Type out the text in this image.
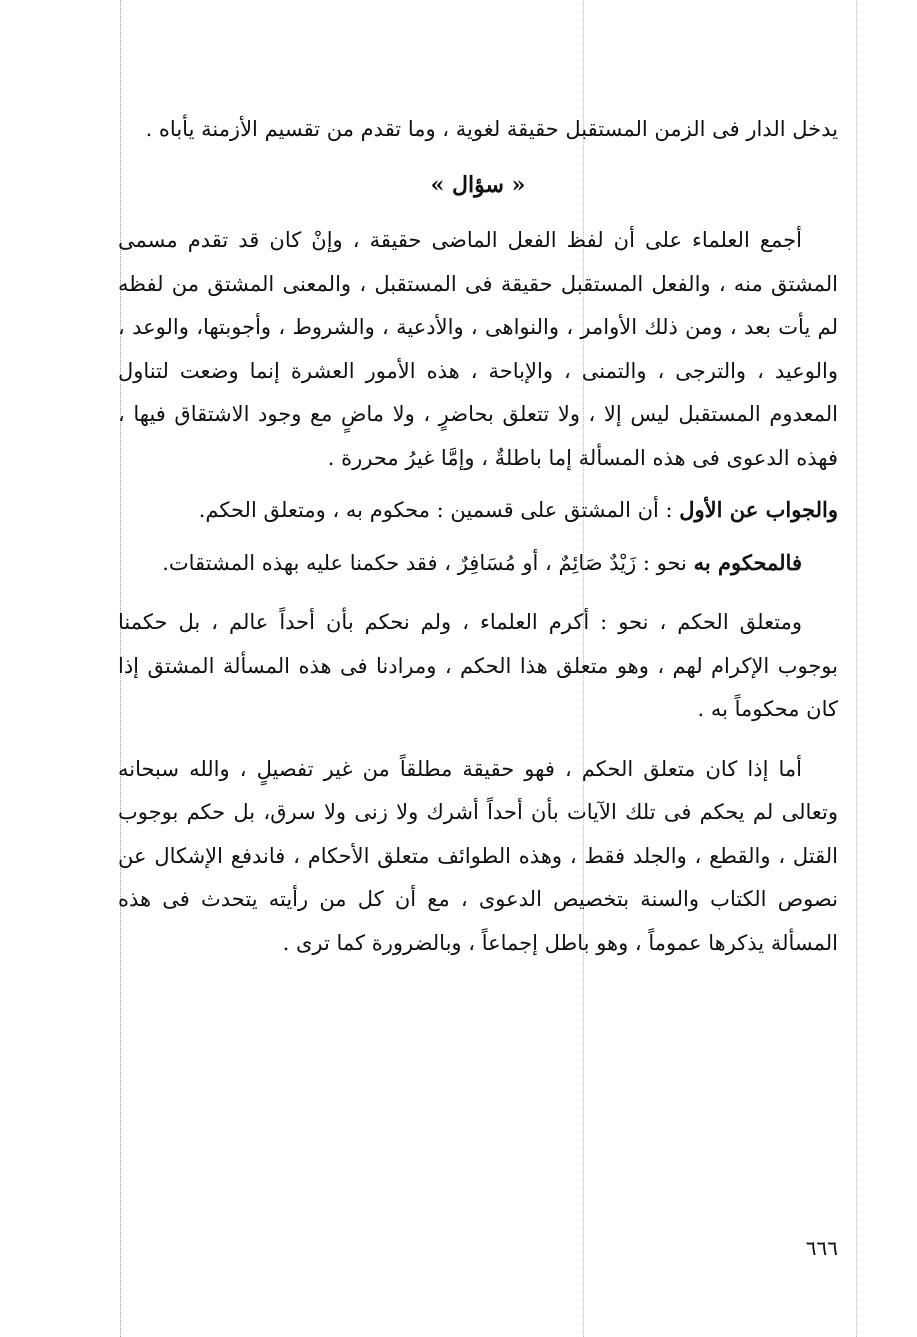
يدخل الدار فى الزمن المستقبل حقيقة لغوية ، وما تقدم من تقسيم الأزمنة يأباه .

« سؤال »

أجمع العلماء على أن لفظ الفعل الماضى حقيقة ، وإنْ كان قد تقدم مسمى المشتق منه ، والفعل المستقبل حقيقة فى المستقبل ، والمعنى المشتق من لفظه لم يأت بعد ، ومن ذلك الأوامر ، والنواهى ، والأدعية ، والشروط ، وأجوبتها، والوعد ، والوعيد ، والترجى ، والتمنى ، والإباحة ، هذه الأمور العشرة إنما وضعت لتناول المعدوم المستقبل ليس إلا ، ولا تتعلق بحاضرٍ ، ولا ماضٍ مع وجود الاشتقاق فيها ، فهذه الدعوى فى هذه المسألة إما باطلةٌ ، وإمَّا غيرُ محررة .

والجواب عن الأول : أن المشتق على قسمين : محكوم به ، ومتعلق الحكم.

فالمحكوم به نحو : زَيْدٌ صَائِمٌ ، أو مُسَافِرٌ ، فقد حكمنا عليه بهذه المشتقات.

ومتعلق الحكم ، نحو : أكرم العلماء ، ولم نحكم بأن أحداً عالم ، بل حكمنا بوجوب الإكرام لهم ، وهو متعلق هذا الحكم ، ومرادنا فى هذه المسألة المشتق إذا كان محكوماً به .

أما إذا كان متعلق الحكم ، فهو حقيقة مطلقاً من غير تفصيلٍ ، والله سبحانه وتعالى لم يحكم فى تلك الآيات بأن أحداً أشرك ولا زنى ولا سرق، بل حكم بوجوب القتل ، والقطع ، والجلد فقط ، وهذه الطوائف متعلق الأحكام ، فاندفع الإشكال عن نصوص الكتاب والسنة بتخصيص الدعوى ، مع أن كل من رأيته يتحدث فى هذه المسألة يذكرها عموماً ، وهو باطل إجماعاً ، وبالضرورة كما ترى .

٦٦٦
